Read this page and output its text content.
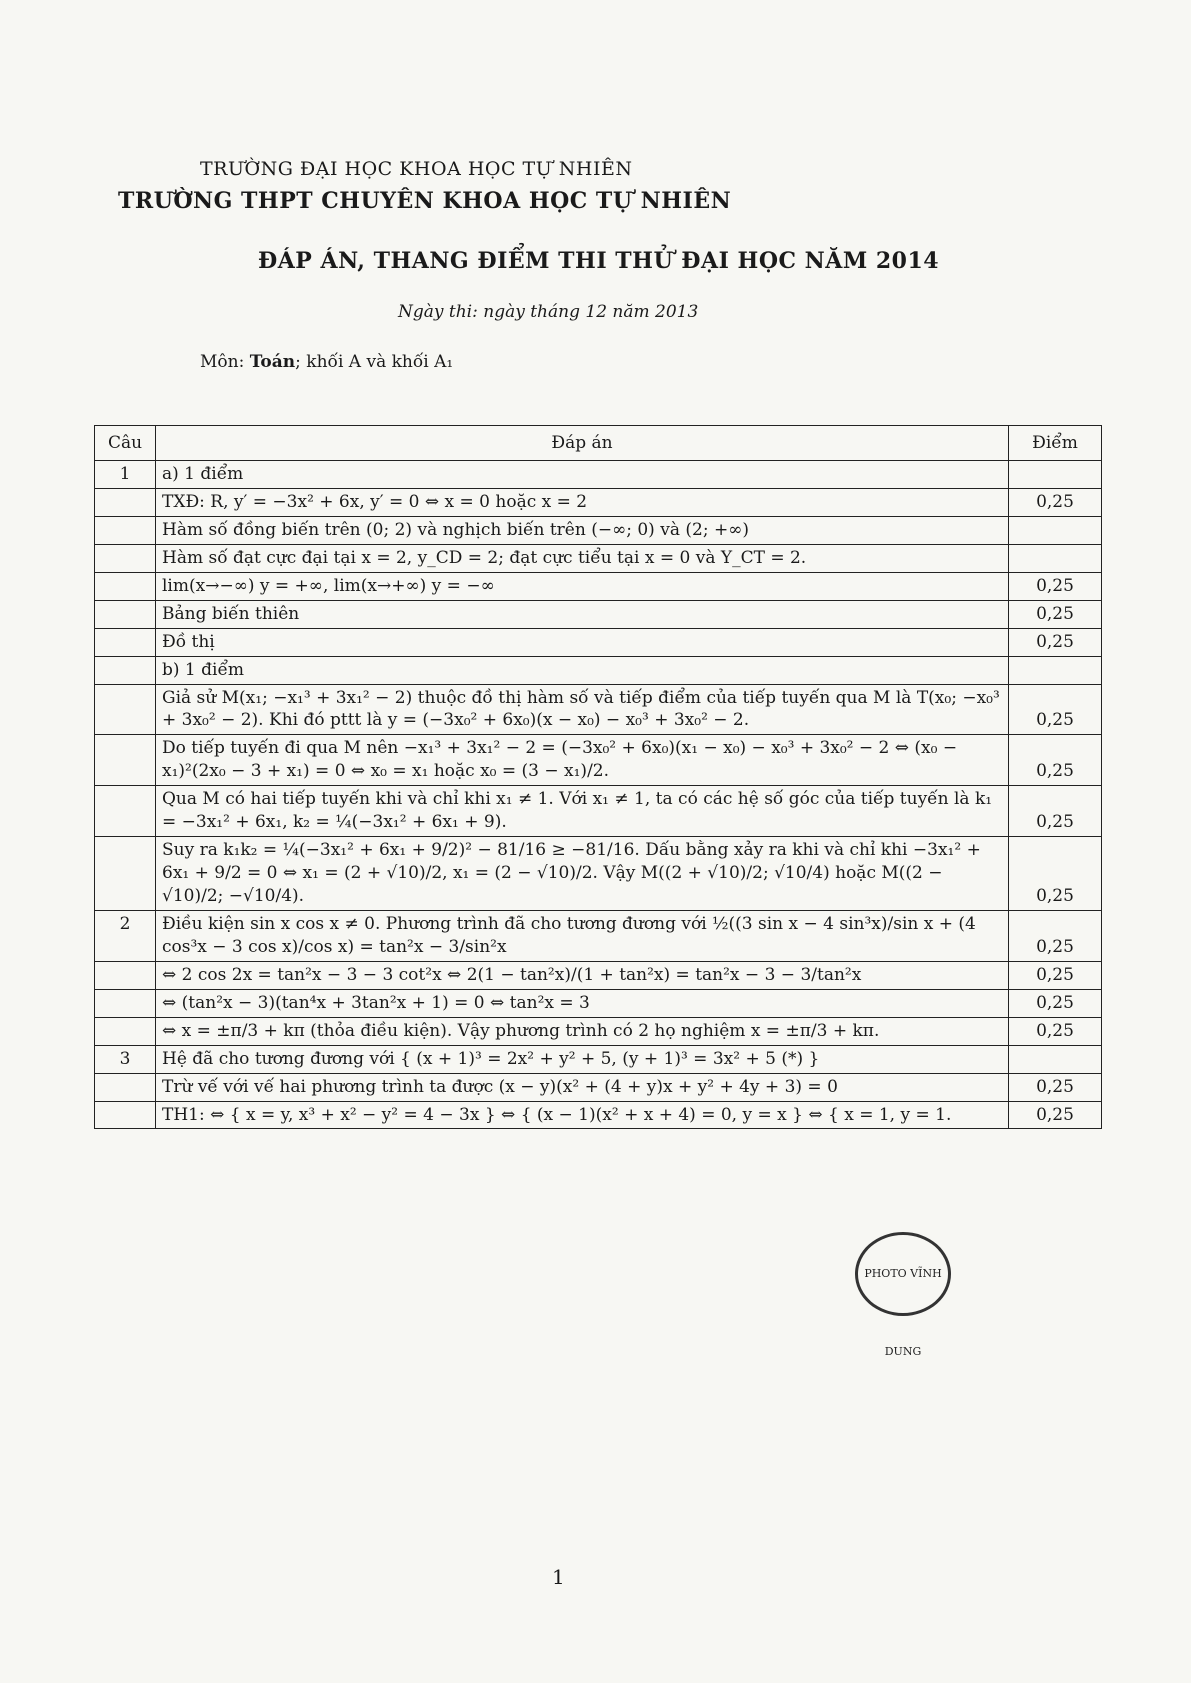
TRƯỜNG ĐẠI HỌC KHOA HỌC TỰ NHIÊN
TRƯỜNG THPT CHUYÊN KHOA HỌC TỰ NHIÊN
ĐÁP ÁN, THANG ĐIỂM THI THỬ ĐẠI HỌC NĂM 2014
Ngày thi: ngày tháng 12 năm 2013
Môn: Toán; khối A và khối A₁
Câu	Đáp án	Điểm
1	a) 1 điểm	
	TXĐ: R, y′ = −3x² + 6x, y′ = 0 ⇔ x = 0 hoặc x = 2	0,25
	Hàm số đồng biến trên (0; 2) và nghịch biến trên (−∞; 0) và (2; +∞)	
	Hàm số đạt cực đại tại x = 2, y_CD = 2; đạt cực tiểu tại x = 0 và Y_CT = 2.	
	lim(x→−∞) y = +∞, lim(x→+∞) y = −∞	0,25
	Bảng biến thiên	0,25
	Đồ thị	0,25
	b) 1 điểm	
	Giả sử M(x₁; −x₁³ + 3x₁² − 2) thuộc đồ thị hàm số và tiếp điểm của tiếp tuyến qua M là T(x₀; −x₀³ + 3x₀² − 2). Khi đó pttt là y = (−3x₀² + 6x₀)(x − x₀) − x₀³ + 3x₀² − 2.	0,25
	Do tiếp tuyến đi qua M nên −x₁³ + 3x₁² − 2 = (−3x₀² + 6x₀)(x₁ − x₀) − x₀³ + 3x₀² − 2 ⇔ (x₀ − x₁)²(2x₀ − 3 + x₁) = 0 ⇔ x₀ = x₁ hoặc x₀ = (3 − x₁)/2.	0,25
	Qua M có hai tiếp tuyến khi và chỉ khi x₁ ≠ 1. Với x₁ ≠ 1, ta có các hệ số góc của tiếp tuyến là k₁ = −3x₁² + 6x₁, k₂ = ¼(−3x₁² + 6x₁ + 9).	0,25
	Suy ra k₁k₂ = ¼(−3x₁² + 6x₁ + 9/2)² − 81/16 ≥ −81/16. Dấu bằng xảy ra khi và chỉ khi −3x₁² + 6x₁ + 9/2 = 0 ⇔ x₁ = (2 + √10)/2, x₁ = (2 − √10)/2. Vậy M((2 + √10)/2; √10/4) hoặc M((2 − √10)/2; −√10/4).	0,25
2	Điều kiện sin x cos x ≠ 0. Phương trình đã cho tương đương với ½((3 sin x − 4 sin³x)/sin x + (4 cos³x − 3 cos x)/cos x) = tan²x − 3/sin²x	0,25
	⇔ 2 cos 2x = tan²x − 3 − 3 cot²x ⇔ 2(1 − tan²x)/(1 + tan²x) = tan²x − 3 − 3/tan²x	0,25
	⇔ (tan²x − 3)(tan⁴x + 3tan²x + 1) = 0 ⇔ tan²x = 3	0,25
	⇔ x = ±π/3 + kπ (thỏa điều kiện). Vậy phương trình có 2 họ nghiệm x = ±π/3 + kπ.	0,25
3	Hệ đã cho tương đương với { (x + 1)³ = 2x² + y² + 5, (y + 1)³ = 3x² + 5 (*) }	
	Trừ vế với vế hai phương trình ta được (x − y)(x² + (4 + y)x + y² + 4y + 3) = 0	0,25
	TH1: ⇔ { x = y, x³ + x² − y² = 4 − 3x } ⇔ { (x − 1)(x² + x + 4) = 0, y = x } ⇔ { x = 1, y = 1.	0,25
PHOTO VĨNH DUNG
1
